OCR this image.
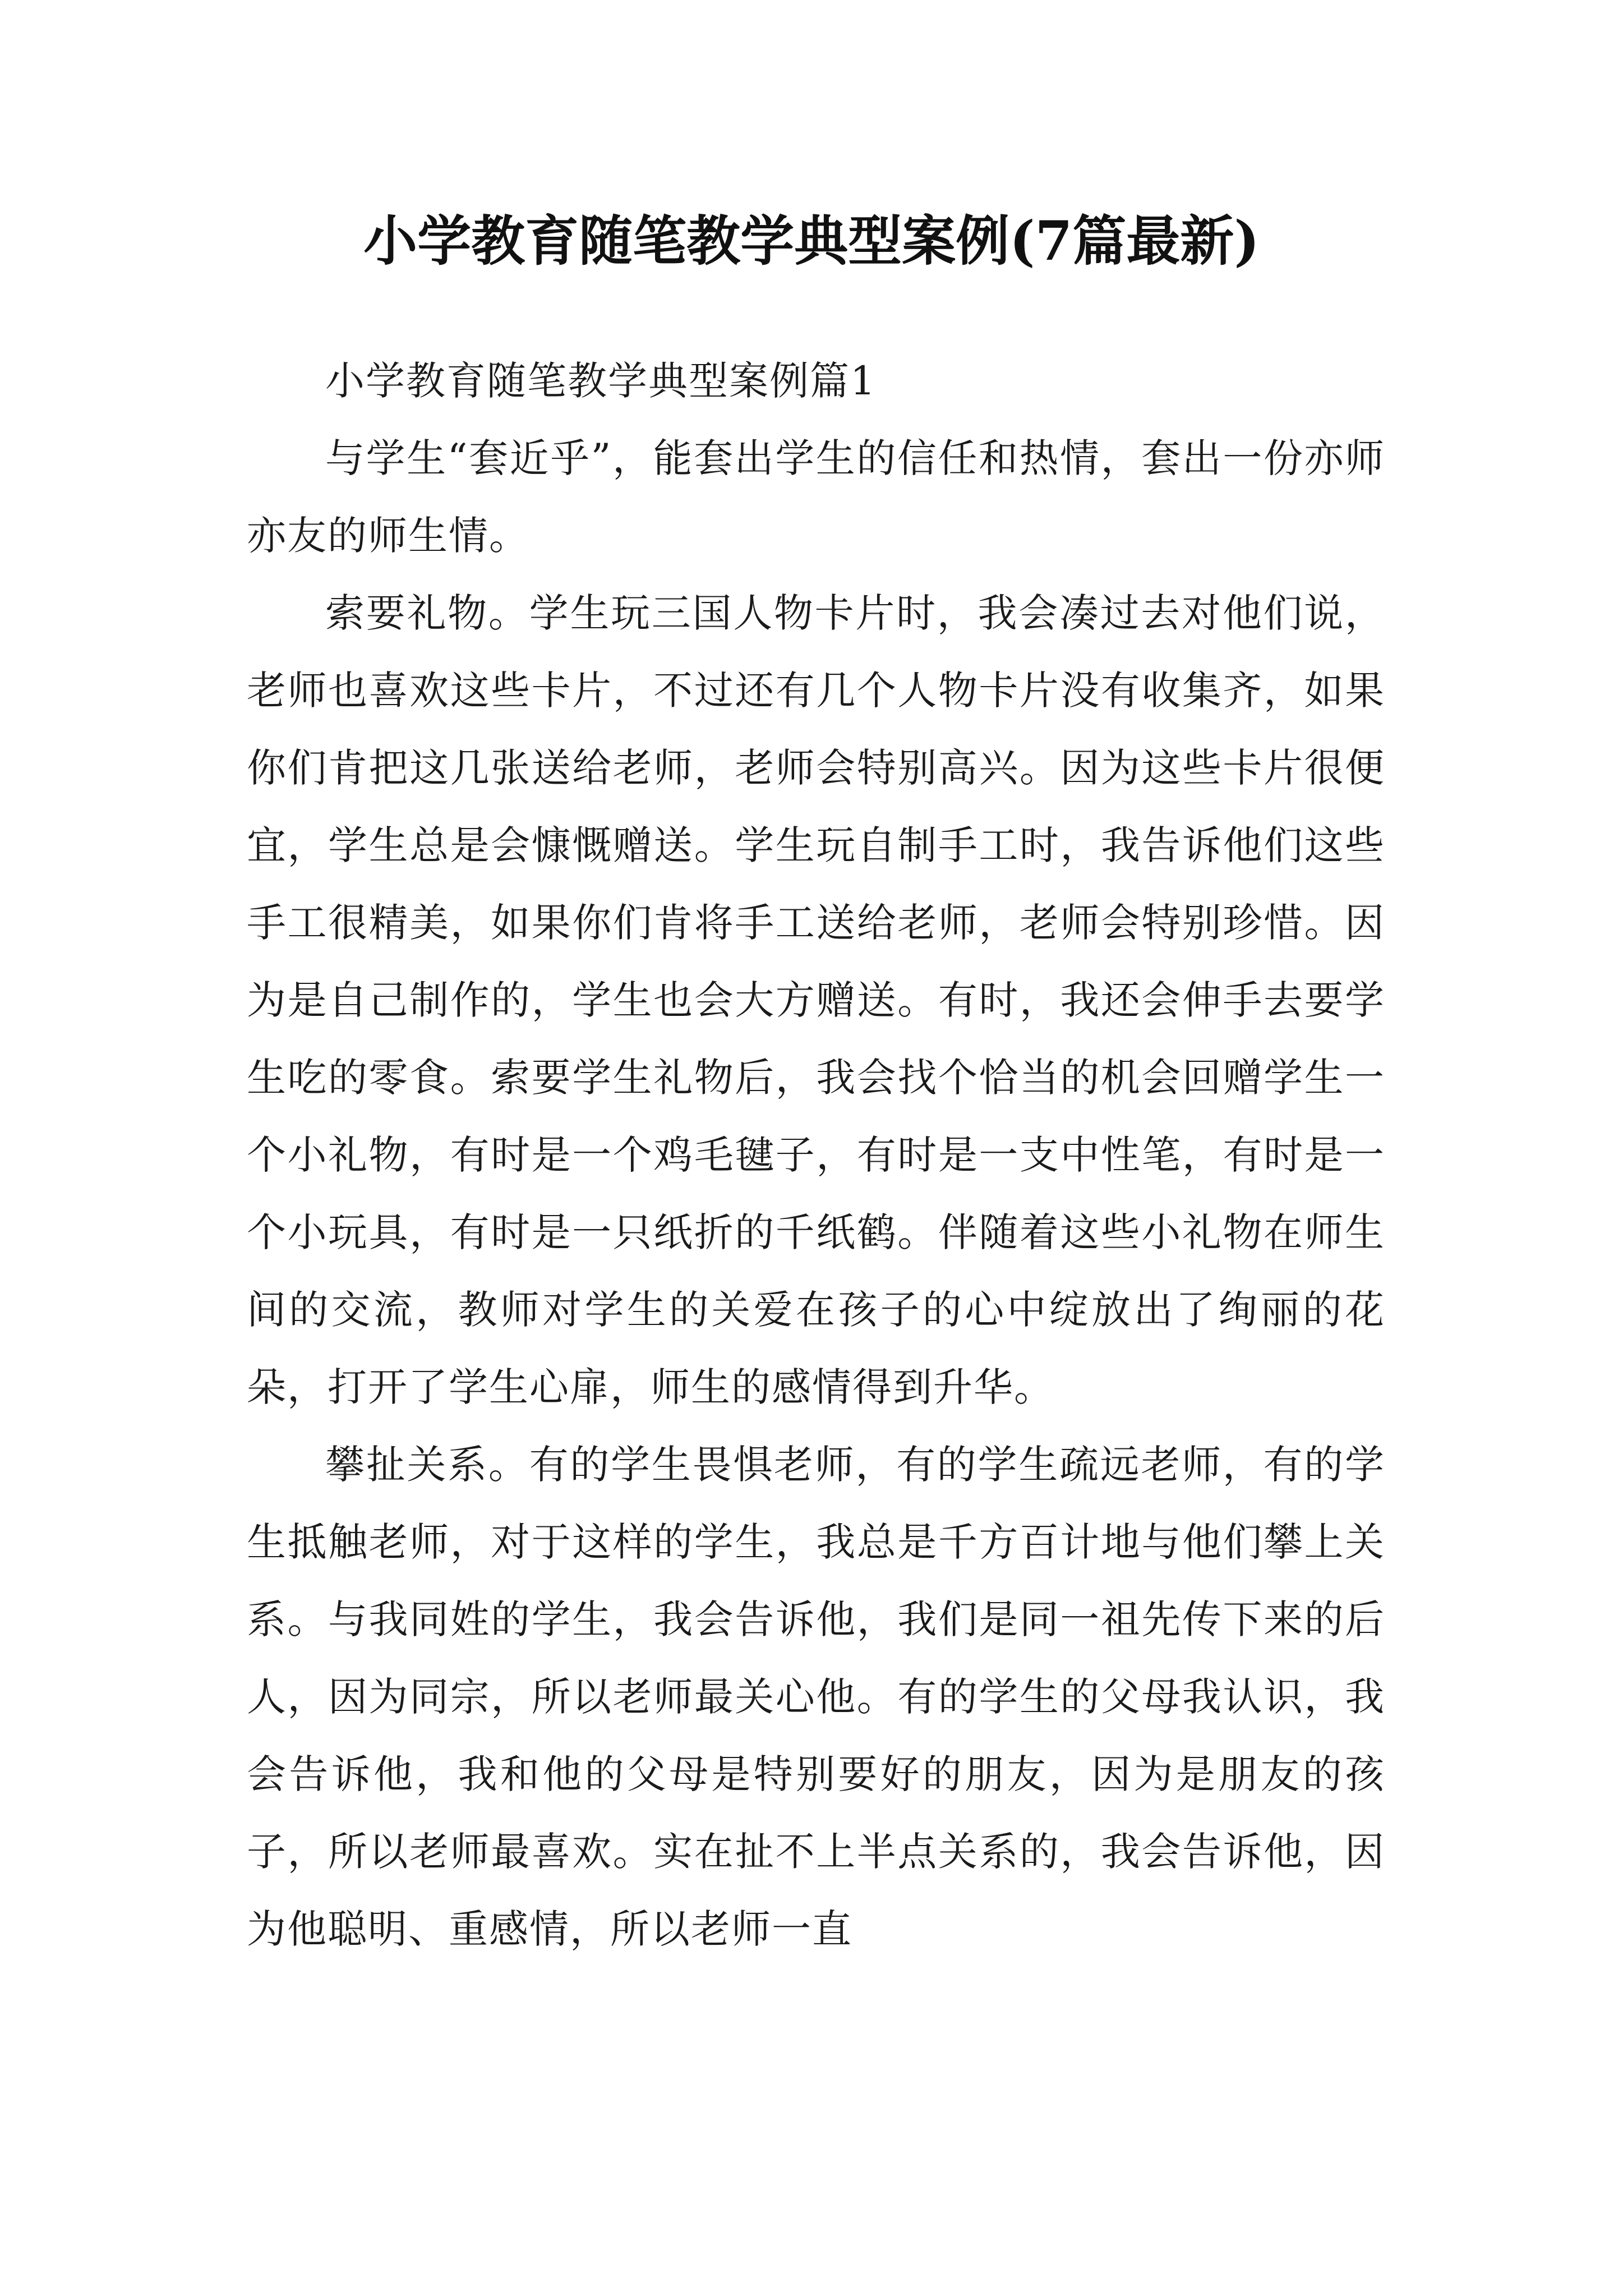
小学教育随笔教学典型案例(7篇最新)

小学教育随笔教学典型案例篇1

与学生“套近乎”，能套出学生的信任和热情，套出一份亦师亦友的师生情。

索要礼物。学生玩三国人物卡片时，我会凑过去对他们说，老师也喜欢这些卡片，不过还有几个人物卡片没有收集齐，如果你们肯把这几张送给老师，老师会特别高兴。因为这些卡片很便宜，学生总是会慷慨赠送。学生玩自制手工时，我告诉他们这些手工很精美，如果你们肯将手工送给老师，老师会特别珍惜。因为是自己制作的，学生也会大方赠送。有时，我还会伸手去要学生吃的零食。索要学生礼物后，我会找个恰当的机会回赠学生一个小礼物，有时是一个鸡毛毽子，有时是一支中性笔，有时是一个小玩具，有时是一只纸折的千纸鹤。伴随着这些小礼物在师生间的交流，教师对学生的关爱在孩子的心中绽放出了绚丽的花朵，打开了学生心扉，师生的感情得到升华。

攀扯关系。有的学生畏惧老师，有的学生疏远老师，有的学生抵触老师，对于这样的学生，我总是千方百计地与他们攀上关系。与我同姓的学生，我会告诉他，我们是同一祖先传下来的后人，因为同宗，所以老师最关心他。有的学生的父母我认识，我会告诉他，我和他的父母是特别要好的朋友，因为是朋友的孩子，所以老师最喜欢。实在扯不上半点关系的，我会告诉他，因为他聪明、重感情，所以老师一直
